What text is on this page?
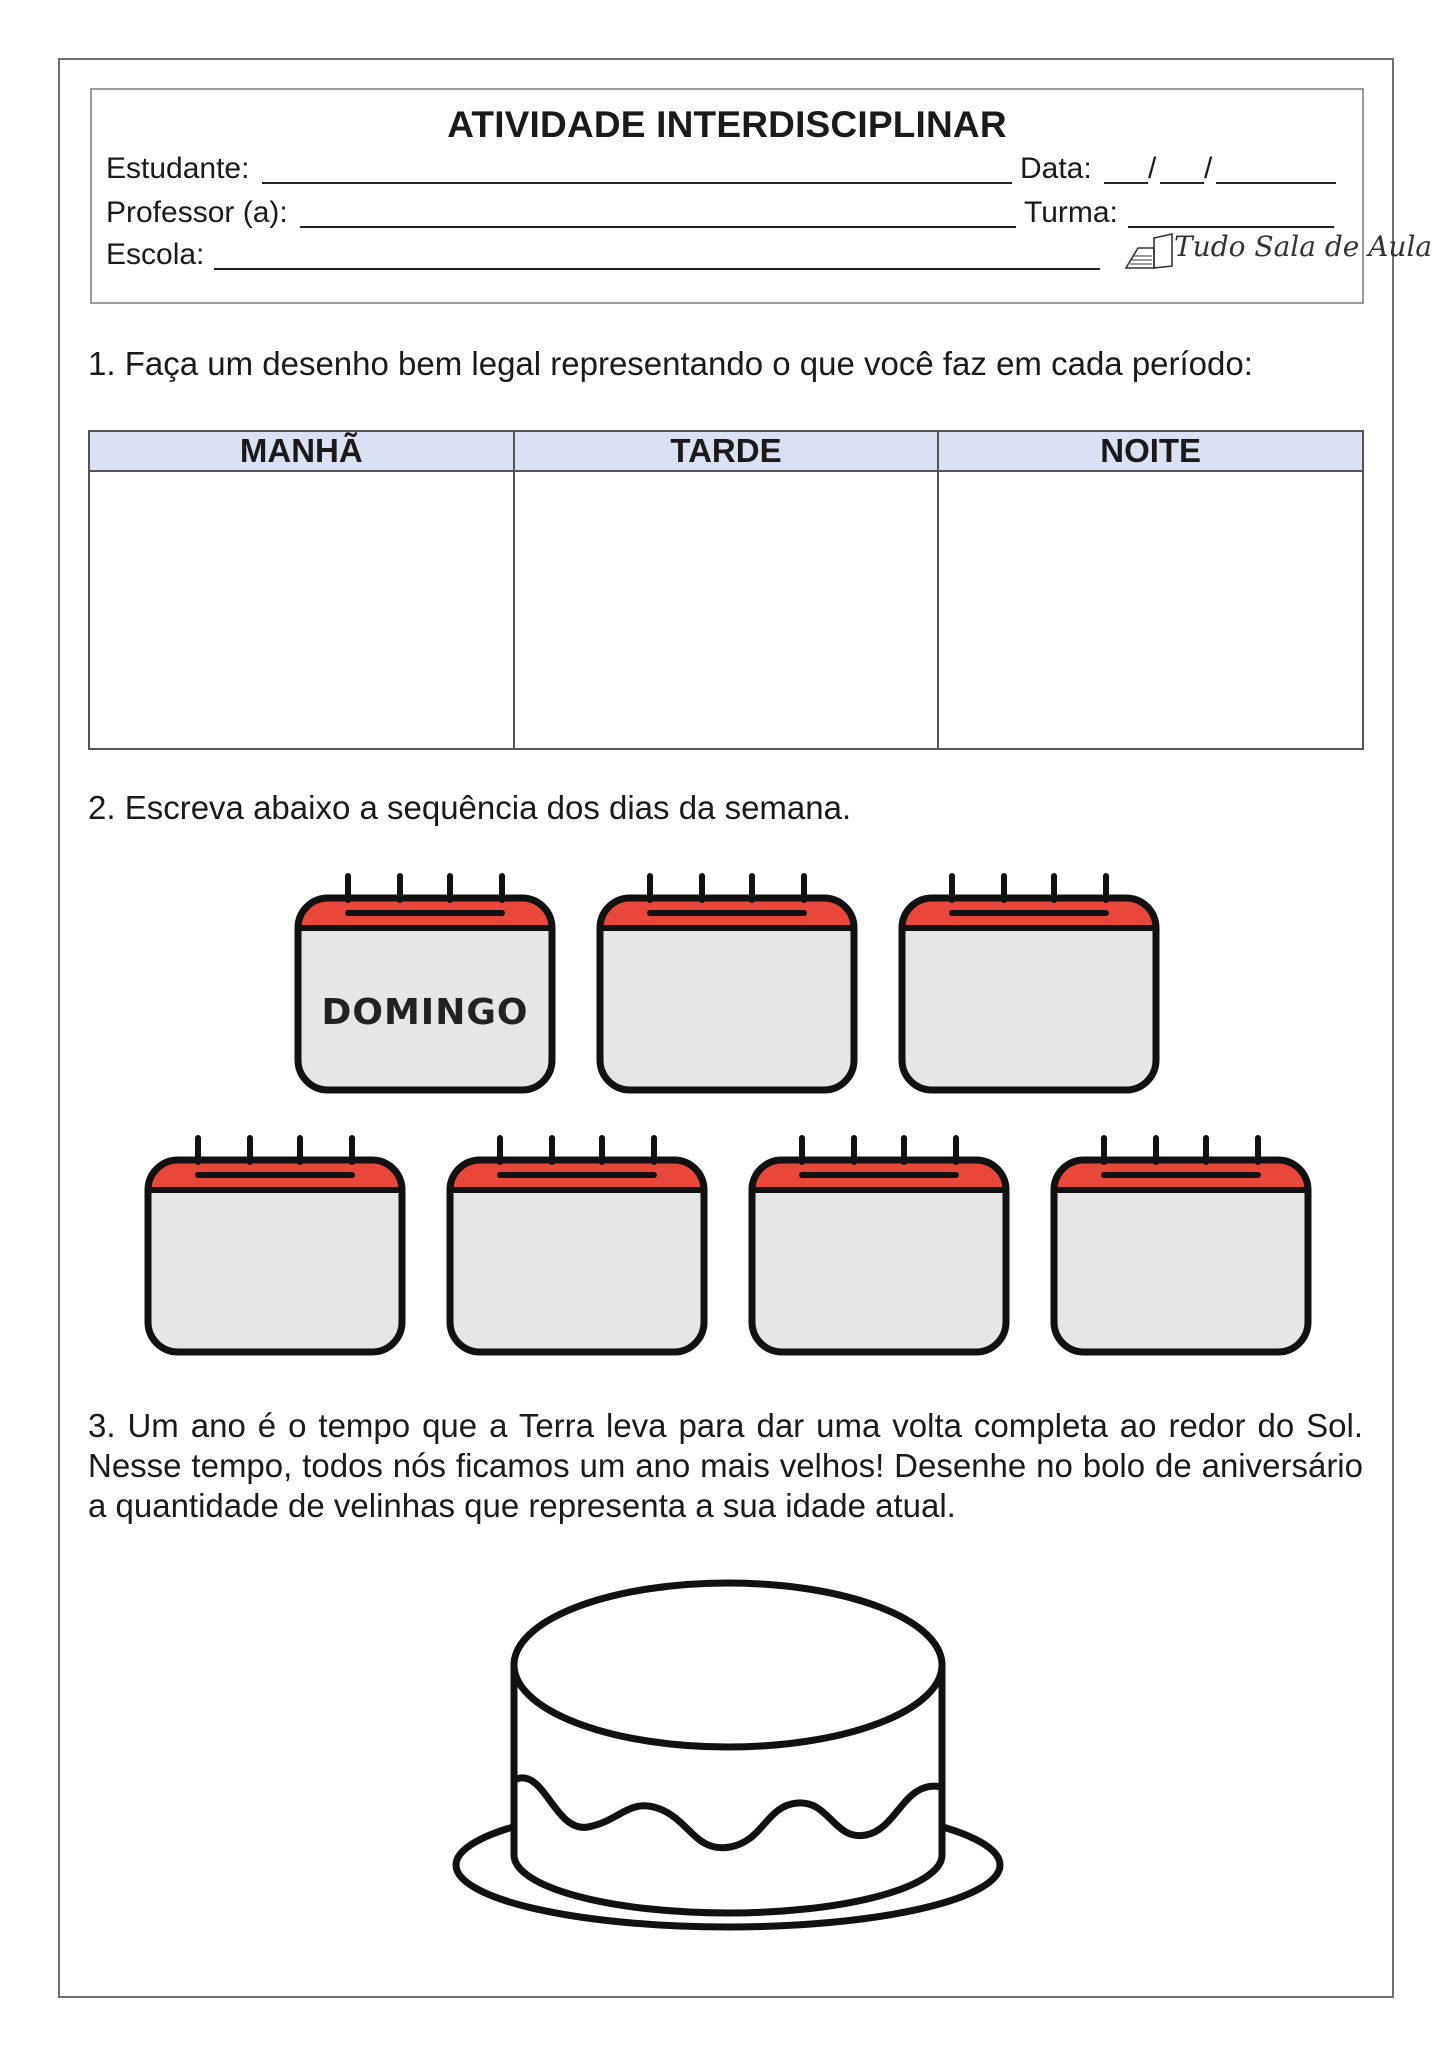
ATIVIDADE INTERDISCIPLINAR
Estudante:	Data: / /
Professor (a):	Turma:
Escola:	Tudo Sala de Aula
1. Faça um desenho bem legal representando o que você faz em cada período:
MANHÃ	TARDE	NOITE

2. Escreva abaixo a sequência dos dias da semana.
DOMINGO
3. Um ano é o tempo que a Terra leva para dar uma volta completa ao redor do Sol. Nesse tempo, todos nós ficamos um ano mais velhos! Desenhe no bolo de aniversário a quantidade de velinhas que representa a sua idade atual.
